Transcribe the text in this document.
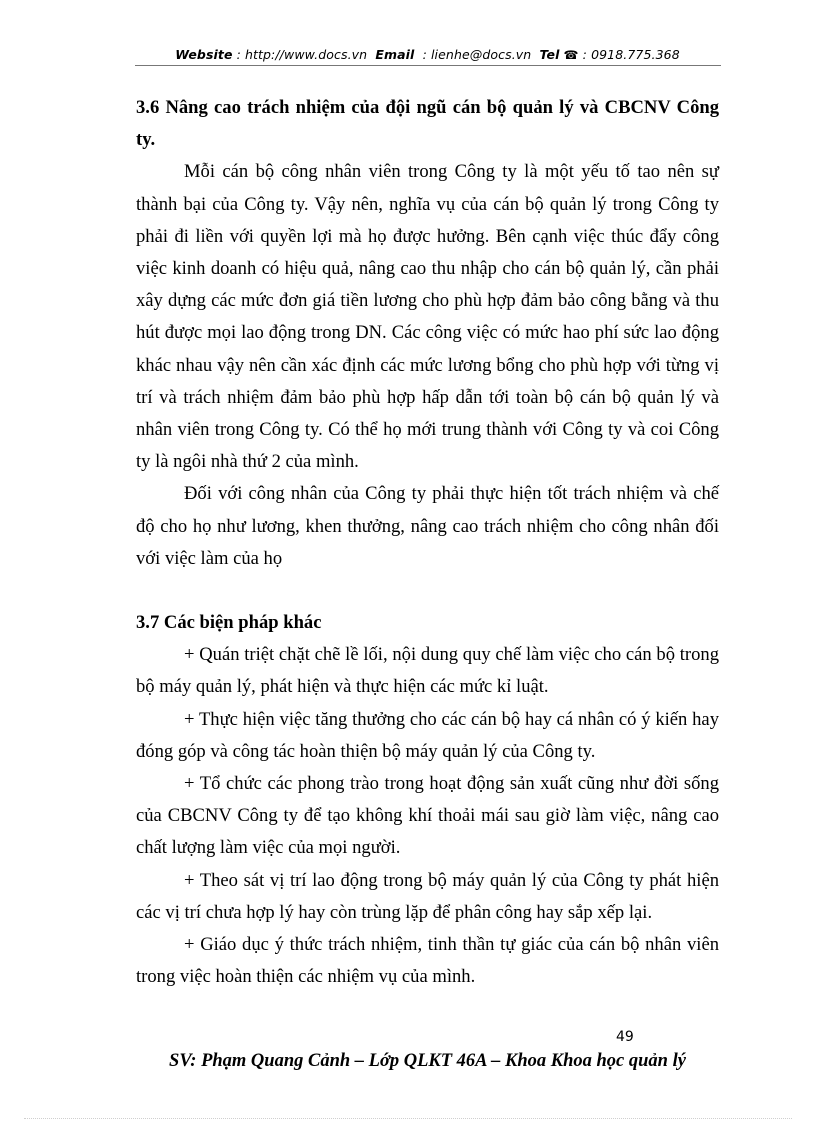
Website : http://www.docs.vn Email  : lienhe@docs.vn Tel ☎ : 0918.775.368
3.6 Nâng cao trách nhiệm của đội ngũ cán bộ quản lý và CBCNV Công ty.

Mỗi cán bộ công nhân viên trong Công ty là một yếu tố tao nên sự thành bại của Công ty. Vậy nên, nghĩa vụ của cán bộ quản lý trong Công ty phải đi liền với quyền lợi mà họ được hưởng. Bên cạnh việc thúc đẩy công việc kinh doanh có hiệu quả, nâng cao thu nhập cho cán bộ quản lý, cần phải xây dựng các mức đơn giá tiền lương cho phù hợp đảm bảo công bằng và thu hút được mọi lao động trong DN. Các công việc có mức hao phí sức lao động khác nhau vậy nên cần xác định các mức lương bổng cho phù hợp với từng vị trí và trách nhiệm đảm bảo phù hợp hấp dẫn tới toàn bộ cán bộ quản lý và nhân viên trong Công ty. Có thể họ mới trung thành với Công ty và coi Công ty là ngôi nhà thứ 2 của mình.

Đối với công nhân của Công ty phải thực hiện tốt trách nhiệm và chế độ cho họ như lương, khen thưởng, nâng cao trách nhiệm cho công nhân đối với việc làm của họ

3.7 Các biện pháp khác

+ Quán triệt chặt chẽ lề lối, nội dung quy chế làm việc cho cán bộ trong bộ máy quản lý, phát hiện và thực hiện các mức kỉ luật.

+ Thực hiện việc tăng thưởng cho các cán bộ hay cá nhân có ý kiến hay đóng góp và công tác hoàn thiện bộ máy quản lý của Công ty.

+ Tổ chức các phong trào trong hoạt động sản xuất cũng như đời sống của CBCNV Công ty để tạo không khí thoải mái sau giờ làm việc, nâng cao chất lượng làm việc của mọi người.

+ Theo sát vị trí lao động trong bộ máy quản lý của Công ty phát hiện các vị trí chưa hợp lý hay còn trùng lặp để phân công hay sắp xếp lại.

+ Giáo dục ý thức trách nhiệm, tinh thần tự giác của cán bộ nhân viên trong việc hoàn thiện các nhiệm vụ của mình.

49
SV: Phạm Quang Cảnh – Lớp QLKT 46A – Khoa Khoa học quản lý
